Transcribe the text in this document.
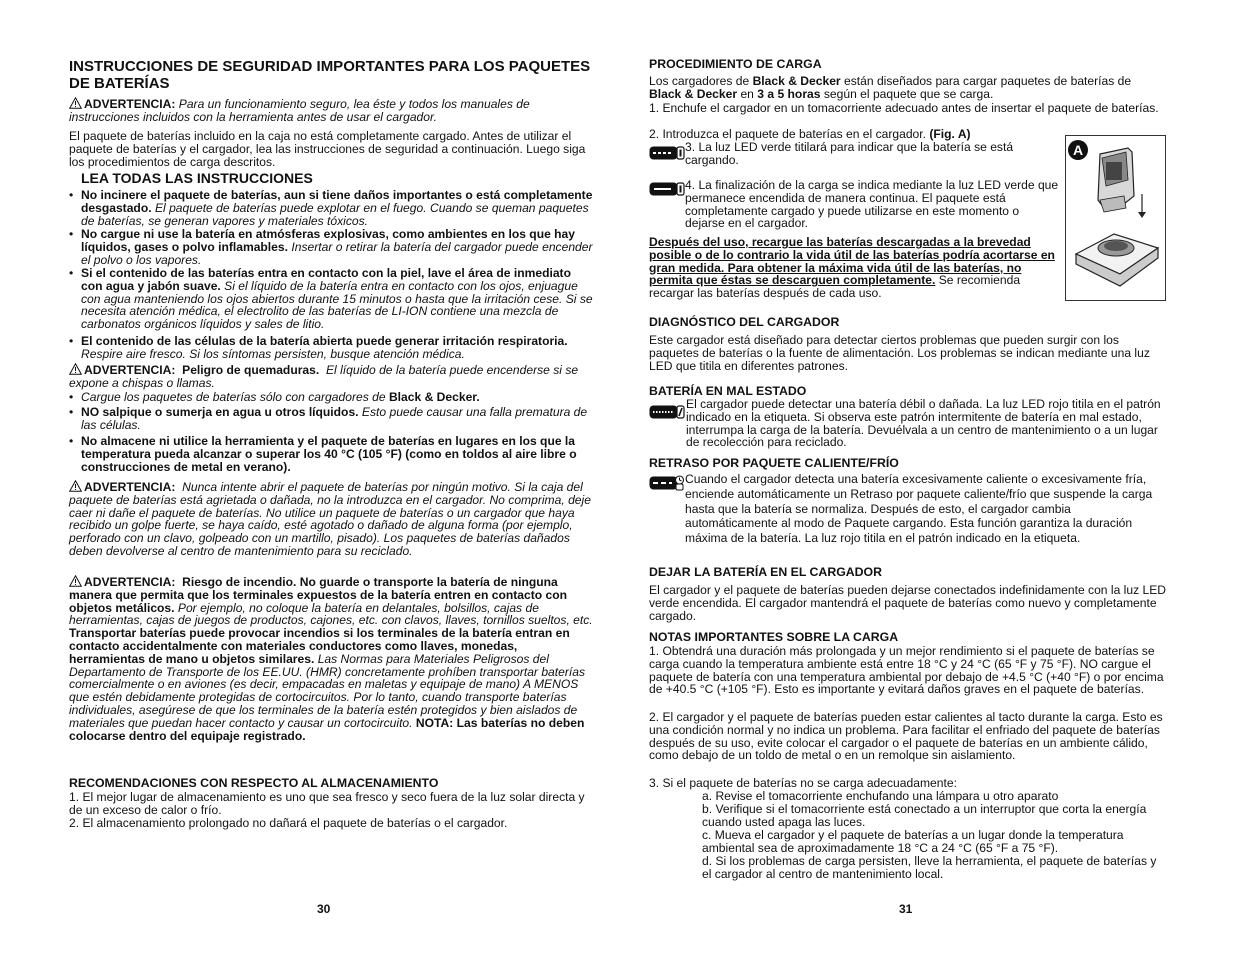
INSTRUCCIONES DE SEGURIDAD IMPORTANTES PARA LOS PAQUETES DE BATERÍAS
ADVERTENCIA: Para un funcionamiento seguro, lea éste y todos los manuales de instrucciones incluidos con la herramienta antes de usar el cargador.
El paquete de baterías incluido en la caja no está completamente cargado. Antes de utilizar el paquete de baterías y el cargador, lea las instrucciones de seguridad a continuación. Luego siga los procedimientos de carga descritos.
LEA TODAS LAS INSTRUCCIONES
• No incinere el paquete de baterías, aun si tiene daños importantes o está completamente desgastado. El paquete de baterías puede explotar en el fuego. Cuando se queman paquetes de baterías, se generan vapores y materiales tóxicos.
• No cargue ni use la batería en atmósferas explosivas, como ambientes en los que hay líquidos, gases o polvo inflamables. Insertar o retirar la batería del cargador puede encender el polvo o los vapores.
• Si el contenido de las baterías entra en contacto con la piel, lave el área de inmediato con agua y jabón suave. Si el líquido de la batería entra en contacto con los ojos, enjuague con agua manteniendo los ojos abiertos durante 15 minutos o hasta que la irritación cese. Si se necesita atención médica, el electrolito de las baterías de LI-ION contiene una mezcla de carbonatos orgánicos líquidos y sales de litio.
• El contenido de las células de la batería abierta puede generar irritación respiratoria. Respire aire fresco. Si los síntomas persisten, busque atención médica.
ADVERTENCIA: Peligro de quemaduras. El líquido de la batería puede encenderse si se expone a chispas o llamas.
• Cargue los paquetes de baterías sólo con cargadores de Black & Decker.
• NO salpique o sumerja en agua u otros líquidos. Esto puede causar una falla prematura de las células.
• No almacene ni utilice la herramienta y el paquete de baterías en lugares en los que la temperatura pueda alcanzar o superar los 40 °C (105 °F) (como en toldos al aire libre o construcciones de metal en verano).
ADVERTENCIA: Nunca intente abrir el paquete de baterías por ningún motivo. Si la caja del paquete de baterías está agrietada o dañada, no la introduzca en el cargador. No comprima, deje caer ni dañe el paquete de baterías. No utilice un paquete de baterías o un cargador que haya recibido un golpe fuerte, se haya caído, esté agotado o dañado de alguna forma (por ejemplo, perforado con un clavo, golpeado con un martillo, pisado). Los paquetes de baterías dañados deben devolverse al centro de mantenimiento para su reciclado.
ADVERTENCIA: Riesgo de incendio. No guarde o transporte la batería de ninguna manera que permita que los terminales expuestos de la batería entren en contacto con objetos metálicos. Por ejemplo, no coloque la batería en delantales, bolsillos, cajas de herramientas, cajas de juegos de productos, cajones, etc. con clavos, llaves, tornillos sueltos, etc. Transportar baterías puede provocar incendios si los terminales de la batería entran en contacto accidentalmente con materiales conductores como llaves, monedas, herramientas de mano u objetos similares. Las Normas para Materiales Peligrosos del Departamento de Transporte de los EE.UU. (HMR) concretamente prohíben transportar baterías comercialmente o en aviones (es decir, empacadas en maletas y equipaje de mano) A MENOS que estén debidamente protegidas de cortocircuitos. Por lo tanto, cuando transporte baterías individuales, asegúrese de que los terminales de la batería estén protegidos y bien aislados de materiales que puedan hacer contacto y causar un cortocircuito. NOTA: Las baterías no deben colocarse dentro del equipaje registrado.
RECOMENDACIONES CON RESPECTO AL ALMACENAMIENTO
1. El mejor lugar de almacenamiento es uno que sea fresco y seco fuera de la luz solar directa y de un exceso de calor o frío.
2. El almacenamiento prolongado no dañará el paquete de baterías o el cargador.
30
PROCEDIMIENTO DE CARGA
Los cargadores de Black & Decker están diseñados para cargar paquetes de baterías de Black & Decker en 3 a 5 horas según el paquete que se carga.
1. Enchufe el cargador en un tomacorriente adecuado antes de insertar el paquete de baterías.
2. Introduzca el paquete de baterías en el cargador. (Fig. A)
3. La luz LED verde titilará para indicar que la batería se está cargando.
4. La finalización de la carga se indica mediante la luz LED verde que permanece encendida de manera continua. El paquete está completamente cargado y puede utilizarse en este momento o dejarse en el cargador.
Después del uso, recargue las baterías descargadas a la brevedad posible o de lo contrario la vida útil de las baterías podría acortarse en gran medida. Para obtener la máxima vida útil de las baterías, no permita que éstas se descarguen completamente. Se recomienda recargar las baterías después de cada uso.
A
DIAGNÓSTICO DEL CARGADOR
Este cargador está diseñado para detectar ciertos problemas que pueden surgir con los paquetes de baterías o la fuente de alimentación. Los problemas se indican mediante una luz LED que titila en diferentes patrones.
BATERÍA EN MAL ESTADO
El cargador puede detectar una batería débil o dañada. La luz LED rojo titila en el patrón indicado en la etiqueta. Si observa este patrón intermitente de batería en mal estado, interrumpa la carga de la batería. Devuélvala a un centro de mantenimiento o a un lugar de recolección para reciclado.
RETRASO POR PAQUETE CALIENTE/FRÍO
Cuando el cargador detecta una batería excesivamente caliente o excesivamente fría, enciende automáticamente un Retraso por paquete caliente/frío que suspende la carga hasta que la batería se normaliza. Después de esto, el cargador cambia automáticamente al modo de Paquete cargando. Esta función garantiza la duración máxima de la batería. La luz rojo titila en el patrón indicado en la etiqueta.
DEJAR LA BATERÍA EN EL CARGADOR
El cargador y el paquete de baterías pueden dejarse conectados indefinidamente con la luz LED verde encendida. El cargador mantendrá el paquete de baterías como nuevo y completamente cargado.
NOTAS IMPORTANTES SOBRE LA CARGA
1. Obtendrá una duración más prolongada y un mejor rendimiento si el paquete de baterías se carga cuando la temperatura ambiente está entre 18 °C y 24 °C (65 °F y 75 °F). NO cargue el paquete de batería con una temperatura ambiental por debajo de +4.5 °C (+40 °F) o por encima de +40.5 °C (+105 °F). Esto es importante y evitará daños graves en el paquete de baterías.
2. El cargador y el paquete de baterías pueden estar calientes al tacto durante la carga. Esto es una condición normal y no indica un problema. Para facilitar el enfriado del paquete de baterías después de su uso, evite colocar el cargador o el paquete de baterías en un ambiente cálido, como debajo de un toldo de metal o en un remolque sin aislamiento.
3. Si el paquete de baterías no se carga adecuadamente:
a. Revise el tomacorriente enchufando una lámpara u otro aparato
b. Verifique si el tomacorriente está conectado a un interruptor que corta la energía cuando usted apaga las luces.
c. Mueva el cargador y el paquete de baterías a un lugar donde la temperatura ambiental sea de aproximadamente 18 °C a 24 °C (65 °F a 75 °F).
d. Si los problemas de carga persisten, lleve la herramienta, el paquete de baterías y el cargador al centro de mantenimiento local.
31
